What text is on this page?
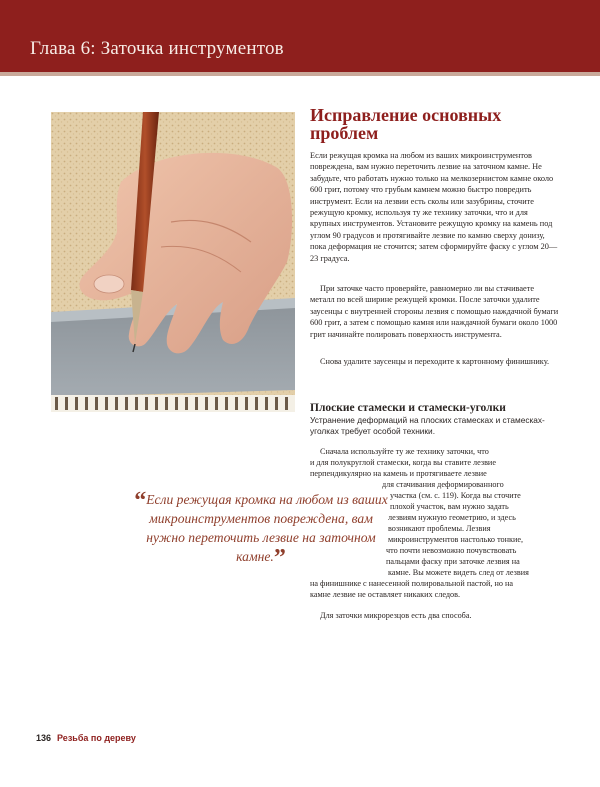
Глава 6: Заточка инструментов
Исправление основных проблем

Если режущая кромка на любом из ваших микроинструментов повреждена, вам нужно переточить лезвие на заточном камне. Не забудьте, что работать нужно только на мелкозернистом камне около 600 грит, потому что грубым камнем можно быстро повредить инструмент. Если на лезвии есть сколы или зазубрины, сточите режущую кромку, используя ту же технику заточки, что и для крупных инструментов. Установите режущую кромку на камень под углом 90 градусов и протягивайте лезвие по камню сверху донизу, пока деформация не сточится; затем сформируйте фаску с углом 20—23 градуса.

При заточке часто проверяйте, равномерно ли вы стачиваете металл по всей ширине режущей кромки. После заточки удалите заусенцы с внутренней стороны лезвия с помощью наждачной бумаги 600 грит, а затем с помощью камня или наждачной бумаги около 1000 грит начинайте полировать поверхность инструмента.

Снова удалите заусенцы и переходите к картонному финишнику.

Плоские стамески и стамески-уголки

Устранение деформаций на плоских стамесках и стамесках-уголках требует особой техники.

Сначала используйте ту же технику заточки, что

и для полукруглой стамески, когда вы ставите лезвие

перпендикулярно на камень и протягиваете лезвие

для стачивания деформированного

участка (см. с. 119). Когда вы сточите

плохой участок, вам нужно задать

лезвиям нужную геометрию, и здесь

возникают проблемы. Лезвия

микроинструментов настолько тонкие,

что почти невозможно почувствовать

пальцами фаску при заточке лезвия на

камне. Вы можете видеть след от лезвия

на финишнике с нанесенной полировальной пастой, но на

камне лезвие не оставляет никаких следов.

Для заточки микрорезцов есть два способа.

“Если режущая кромка на любом из ваших микроинструментов повреждена, вам нужно переточить лезвие на заточном камне.”

136 Резьба по дереву
